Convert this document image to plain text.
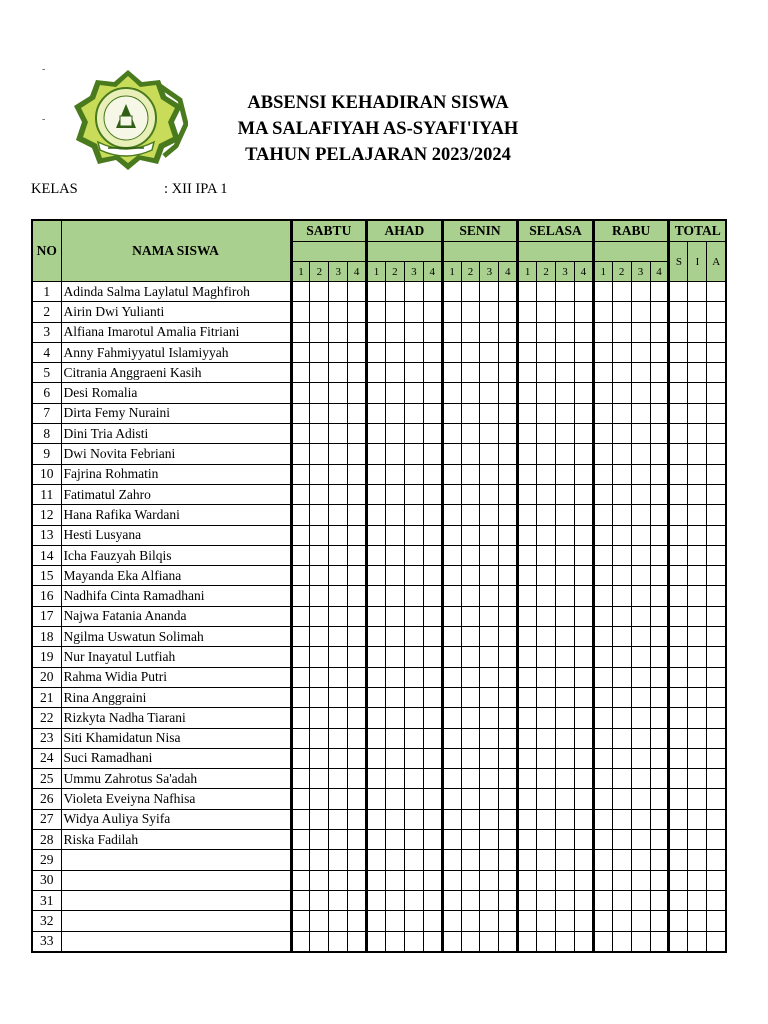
-
-
ABSENSI KEHADIRAN SISWA
MA SALAFIYAH AS-SYAFI'IYAH
TAHUN PELAJARAN 2023/2024
KELAS	: XII IPA 1
NO	NAMA SISWA	SABTU				AHAD				SENIN				SELASA				RABU				TOTAL		
																						S	I	A
		1	2	3	4	1	2	3	4	1	2	3	4	1	2	3	4	1	2	3	4			
1	Adinda Salma Laylatul Maghfiroh																							
2	Airin Dwi Yulianti																							
3	Alfiana Imarotul Amalia Fitriani																							
4	Anny Fahmiyyatul Islamiyyah																							
5	Citrania Anggraeni Kasih																							
6	Desi Romalia																							
7	Dirta Femy Nuraini																							
8	Dini Tria Adisti																							
9	Dwi Novita Febriani																							
10	Fajrina Rohmatin																							
11	Fatimatul Zahro																							
12	Hana Rafika Wardani																							
13	Hesti Lusyana																							
14	Icha Fauzyah Bilqis																							
15	Mayanda Eka Alfiana																							
16	Nadhifa Cinta Ramadhani																							
17	Najwa Fatania Ananda																							
18	Ngilma Uswatun Solimah																							
19	Nur Inayatul Lutfiah																							
20	Rahma Widia Putri																							
21	Rina Anggraini																							
22	Rizkyta Nadha Tiarani																							
23	Siti Khamidatun Nisa																							
24	Suci Ramadhani																							
25	Ummu Zahrotus Sa'adah																							
26	Violeta Eveiyna Nafhisa																							
27	Widya Auliya Syifa																							
28	Riska Fadilah																							
29																								
30																								
31																								
32																								
33																								
